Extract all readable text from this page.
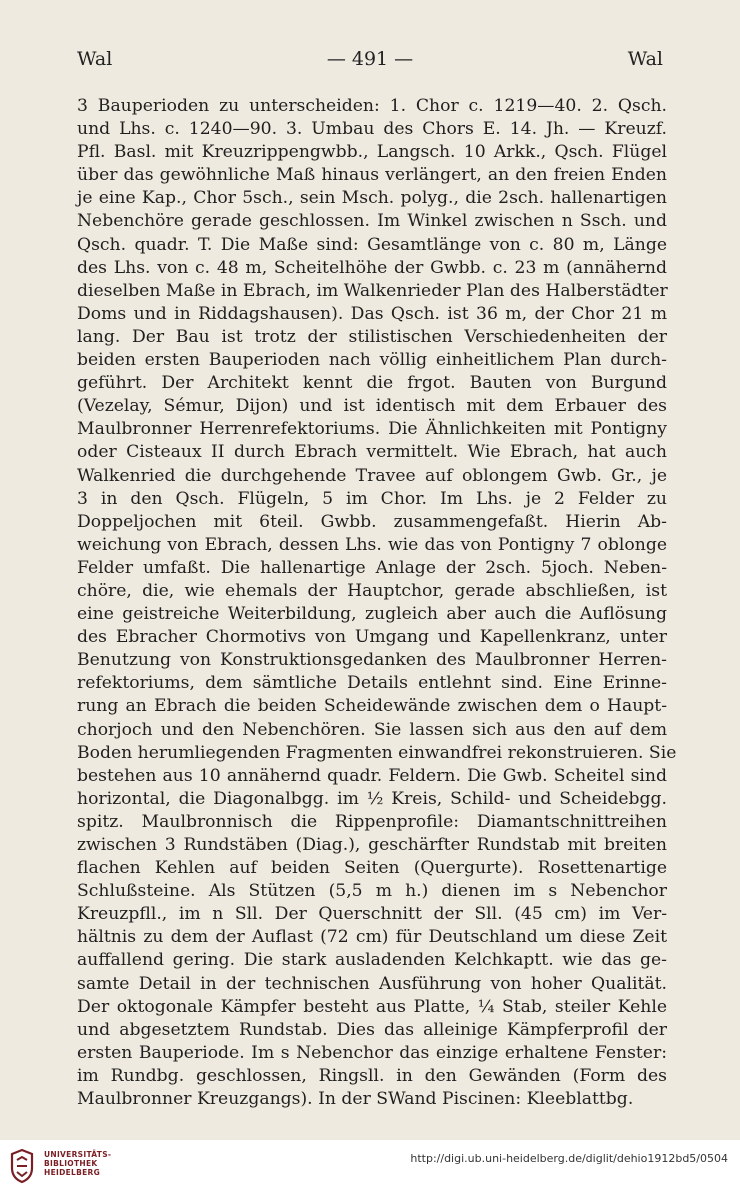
Wal	— 491 —	Wal
3 Bauperioden zu unterscheiden: 1. Chor c. 1219—40. 2. Qsch.
und Lhs. c. 1240—90. 3. Umbau des Chors E. 14. Jh. — Kreuzf.
Pfl. Basl. mit Kreuzrippengwbb., Langsch. 10 Arkk., Qsch. Flügel
über das gewöhnliche Maß hinaus verlängert, an den freien Enden
je eine Kap., Chor 5sch., sein Msch. polyg., die 2sch. hallenartigen
Nebenchöre gerade geschlossen. Im Winkel zwischen n Ssch. und
Qsch. quadr. T. Die Maße sind: Gesamtlänge von c. 80 m, Länge
des Lhs. von c. 48 m, Scheitelhöhe der Gwbb. c. 23 m (annähernd
dieselben Maße in Ebrach, im Walkenrieder Plan des Halberstädter
Doms und in Riddagshausen). Das Qsch. ist 36 m, der Chor 21 m
lang. Der Bau ist trotz der stilistischen Verschiedenheiten der
beiden ersten Bauperioden nach völlig einheitlichem Plan durch-
geführt. Der Architekt kennt die frgot. Bauten von Burgund
(Vezelay, Sémur, Dijon) und ist identisch mit dem Erbauer des
Maulbronner Herrenrefektoriums. Die Ähnlichkeiten mit Pontigny
oder Cisteaux II durch Ebrach vermittelt. Wie Ebrach, hat auch
Walkenried die durchgehende Travee auf oblongem Gwb. Gr., je
3 in den Qsch. Flügeln, 5 im Chor. Im Lhs. je 2 Felder zu
Doppeljochen mit 6teil. Gwbb. zusammengefaßt. Hierin Ab-
weichung von Ebrach, dessen Lhs. wie das von Pontigny 7 oblonge
Felder umfaßt. Die hallenartige Anlage der 2sch. 5joch. Neben-
chöre, die, wie ehemals der Hauptchor, gerade abschließen, ist
eine geistreiche Weiterbildung, zugleich aber auch die Auflösung
des Ebracher Chormotivs von Umgang und Kapellenkranz, unter
Benutzung von Konstruktionsgedanken des Maulbronner Herren-
refektoriums, dem sämtliche Details entlehnt sind. Eine Erinne-
rung an Ebrach die beiden Scheidewände zwischen dem o Haupt-
chorjoch und den Nebenchören. Sie lassen sich aus den auf dem
Boden herumliegenden Fragmenten einwandfrei rekonstruieren. Sie
bestehen aus 10 annähernd quadr. Feldern. Die Gwb. Scheitel sind
horizontal, die Diagonalbgg. im ½ Kreis, Schild- und Scheidebgg.
spitz. Maulbronnisch die Rippenprofile: Diamantschnittreihen
zwischen 3 Rundstäben (Diag.), geschärfter Rundstab mit breiten
flachen Kehlen auf beiden Seiten (Quergurte). Rosettenartige
Schlußsteine. Als Stützen (5,5 m h.) dienen im s Nebenchor
Kreuzpfll., im n Sll. Der Querschnitt der Sll. (45 cm) im Ver-
hältnis zu dem der Auflast (72 cm) für Deutschland um diese Zeit
auffallend gering. Die stark ausladenden Kelchkaptt. wie das ge-
samte Detail in der technischen Ausführung von hoher Qualität.
Der oktogonale Kämpfer besteht aus Platte, ¼ Stab, steiler Kehle
und abgesetztem Rundstab. Dies das alleinige Kämpferprofil der
ersten Bauperiode. Im s Nebenchor das einzige erhaltene Fenster:
im Rundbg. geschlossen, Ringsll. in den Gewänden (Form des
Maulbronner Kreuzgangs). In der SWand Piscinen: Kleeblattbg.
UNIVERSITÄTS-
BIBLIOTHEK
HEIDELBERG
http://digi.ub.uni-heidelberg.de/diglit/dehio1912bd5/0504
